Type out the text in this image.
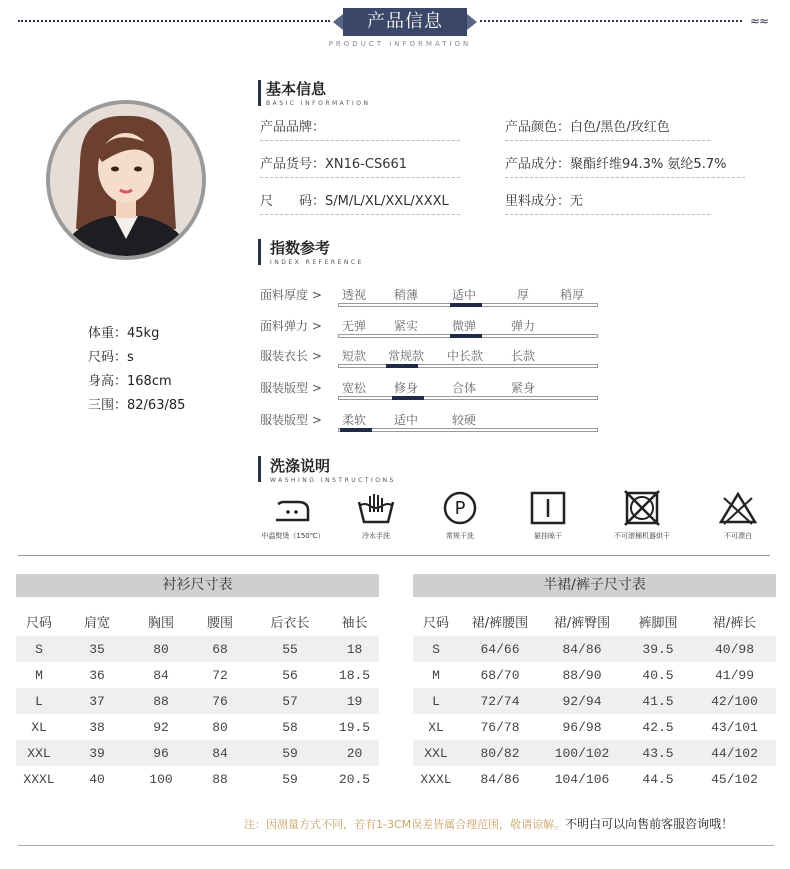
产品信息
PRODUCT INFORMATION
≈≈
体重：45kg
尺码：s
身高：168cm
三围：82/63/85
基本信息
BASIC INFORMATION
产品品牌：
产品货号：XN16-CS661
尺　　码：S/M/L/XL/XXL/XXXL
产品颜色：白色/黑色/玫红色
产品成分：聚酯纤维94.3% 氨纶5.7%
里料成分：无
指数参考
INDEX REFERENCE
面料厚度 > 透视 稍薄	适中	厚	稍厚
面料弹力 > 无弹 紧实	微弹	弹力
服装衣长 > 短款 常规款 中长款 长款
服装版型 > 宽松 修身	合体	紧身
服装版型 > 柔软 适中	较硬
洗涤说明
WASHING INSTRUCTIONS
P
中温熨烫（150℃）	冷水手洗	常规干洗	悬挂晾干	不可滚桶机器烘干	不可漂白
衬衫尺寸表
尺码	肩宽	胸围	腰围	后衣长	袖长
S	35	80	68	55	18
M	36	84	72	56	18.5
L	37	88	76	57	19
XL	38	92	80	58	19.5
XXL	39	96	84	59	20
XXXL	40	100	88	59	20.5
半裙/裤子尺寸表
尺码	裙/裤腰围	裙/裤臀围	裤脚围	裙/裤长
S	64/66	84/86	39.5	40/98
M	68/70	88/90	40.5	41/99
L	72/74	92/94	41.5	42/100
XL	76/78	96/98	42.5	43/101
XXL	80/82	100/102	43.5	44/102
XXXL	84/86	104/106	44.5	45/102
注：因测量方式不同，若有1-3CM误差皆属合理范围，敬请谅解。不明白可以向售前客服咨询哦！
